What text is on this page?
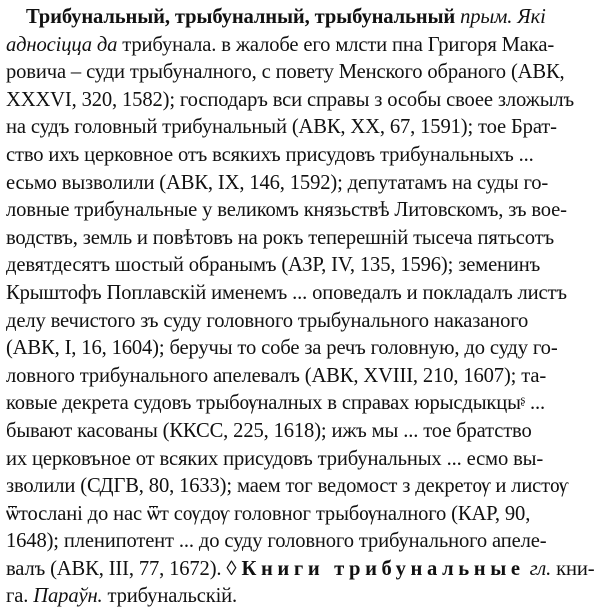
Трибунальный, трыбуналный, трыбунальный прым. Які
адносіцца да трибунала. в жалобе его млсти пна Григоря Мака-
ровича – суди трыбуналного, с повету Менского обраного (АВК,
XXXVI, 320, 1582); господаръ вси справы з особы своее зложылъ
на судъ головный трибунальный (АВК, XX, 67, 1591); тое Брат-
ство ихъ церковное отъ всякихъ присудовъ трибунальныхъ ...
есьмо вызволили (АВК, IX, 146, 1592); депутатамъ на суды го-
ловные трибунальные у великомъ князьствѣ Литовскомъ, зъ вое-
водствъ, земль и повѣтовъ на рокъ теперешній тысеча пятьсотъ
девятдесятъ шостый обранымъ (АЗР, IV, 135, 1596); земенинъ
Крыштофъ Поплавскій именемъ ... оповедалъ и покладалъ листъ
делу вечистого зъ суду головного трыбунального наказаного
(АВК, I, 16, 1604); беручы то собе за речъ головную, до суду го-
ловного трибунального апелевалъ (АВК, XVIII, 210, 1607); та-
ковые декрета судовъ трыбѹналных в справах юрысдыкцыᶳ ...
бывают касованы (ККСС, 225, 1618); ижъ мы ... тое братство
их церковъное от всяких присудовъ трибунальных ... есмо вы-
зволили (СДГВ, 80, 1633); маем тог ведомост з декретѹ и листѹ
ѿтослані до нас ѿт сѹдѹ головног трыбѹналного (КАР, 90,
1648); пленипотент ... до суду головного трибунального апеле-
валъ (АВК, III, 77, 1672). ◊ Книги трибунальные гл. кни-
га. Параўн. трибунальскій.
